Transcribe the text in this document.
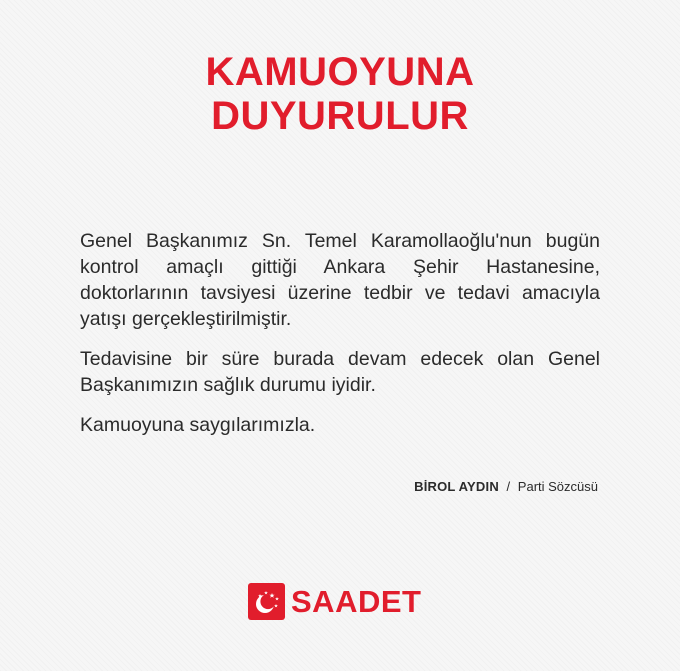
KAMUOYUNA
DUYURULUR

Genel Başkanımız Sn. Temel Karamollaoğlu'nun bugün kontrol amaçlı gittiği Ankara Şehir Hastanesine, doktorlarının tavsiyesi üzerine tedbir ve tedavi amacıyla yatışı gerçekleştirilmiştir.

Tedavisine bir süre burada devam edecek olan Genel Başkanımızın sağlık durumu iyidir.

Kamuoyuna saygılarımızla.

BİROL AYDIN / Parti Sözcüsü
SAADET
